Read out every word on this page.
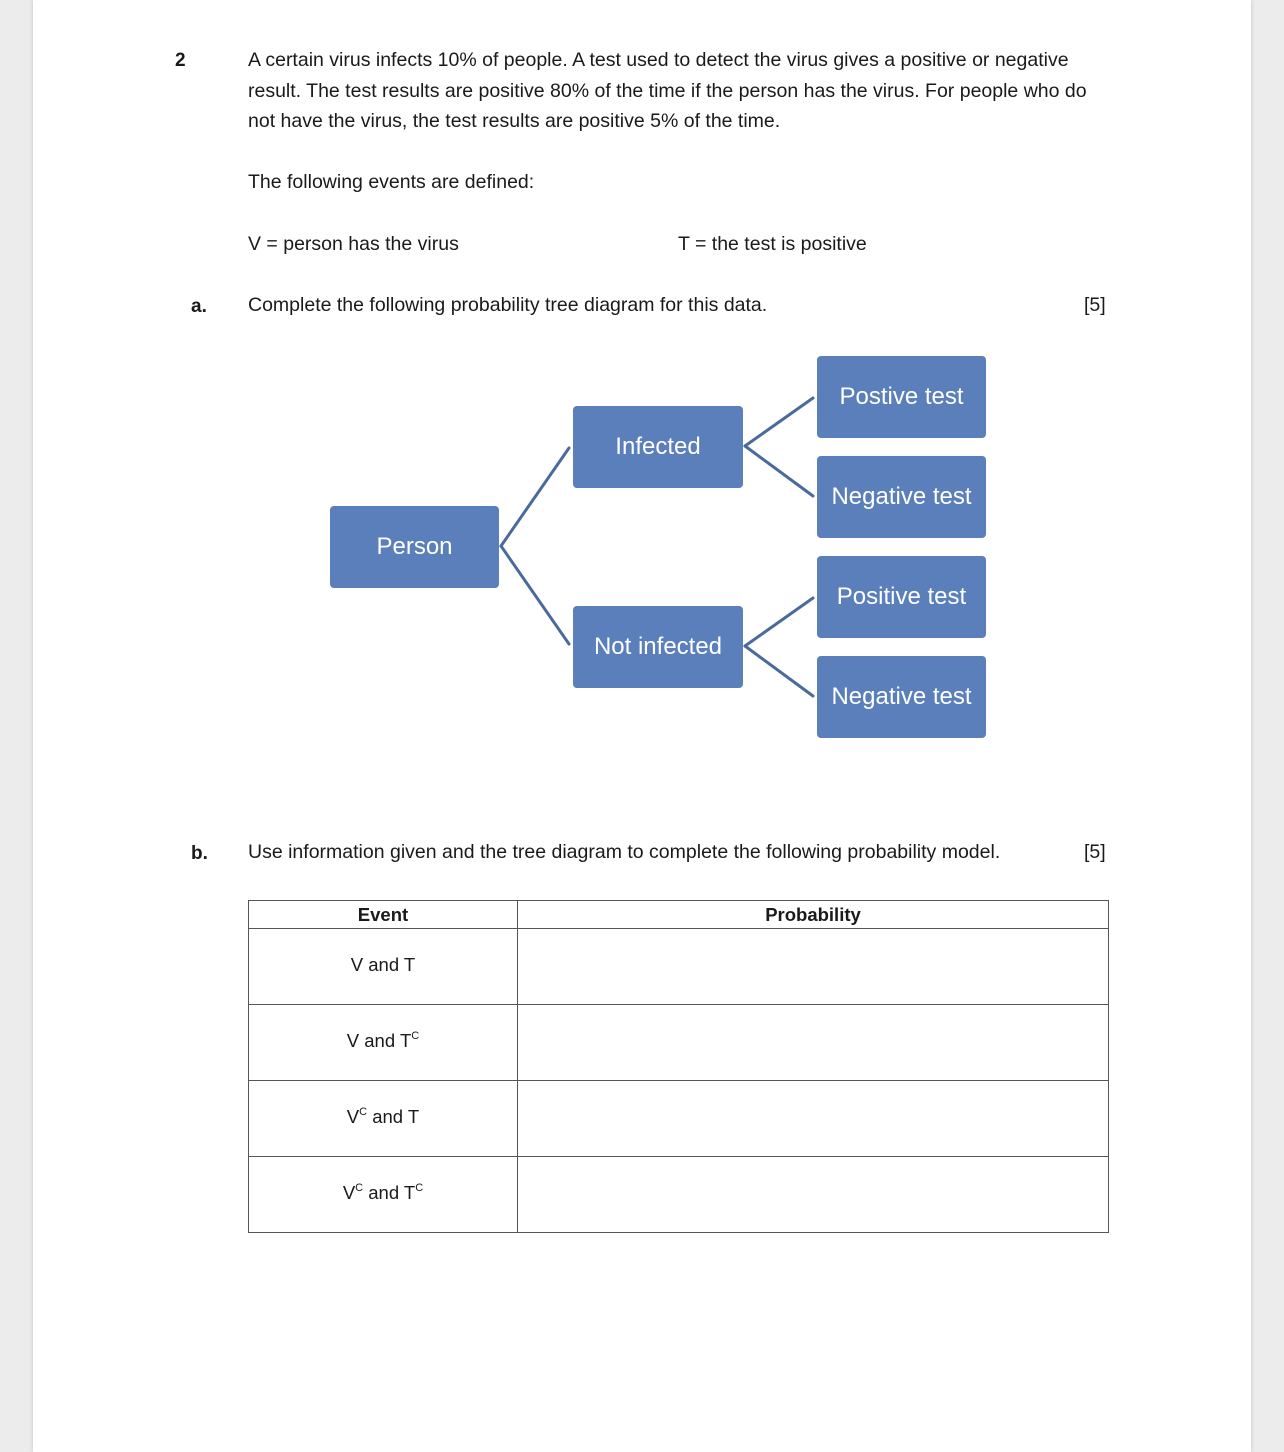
2	A certain virus infects 10% of people. A test used to detect the virus gives a positive or negative result. The test results are positive 80% of the time if the person has the virus. For people who do not have the virus, the test results are positive 5% of the time.
The following events are defined:
V = person has the virus	T = the test is positive
a. Complete the following probability tree diagram for this data.	[5]
Person
Infected
Not infected
Postive test
Negative test
Positive test
Negative test
b. Use information given and the tree diagram to complete the following probability model.	[5]
Event	Probability
V and T	
V and $T^C$	
$V^C$ and T	
$V^C$ and $T^C$	
